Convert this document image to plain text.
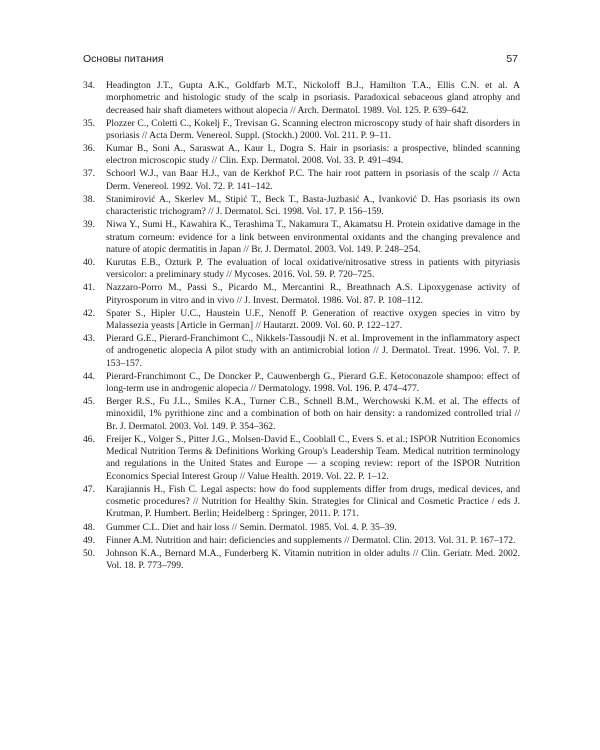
Основы питания	57
34. Headington J.T., Gupta A.K., Goldfarb M.T., Nickoloff B.J., Hamilton T.A., Ellis C.N. et al. A morphometric and histologic study of the scalp in psoriasis. Paradoxical sebaceous gland atrophy and decreased hair shaft diameters without alopecia // Arch. Dermatol. 1989. Vol. 125. P. 639–642.
35. Plozzer C., Coletti C., Kokelj F., Trevisan G. Scanning electron microscopy study of hair shaft disorders in psoriasis // Acta Derm. Venereol. Suppl. (Stockh.) 2000. Vol. 211. P. 9–11.
36. Kumar B., Soni A., Saraswat A., Kaur I., Dogra S. Hair in psoriasis: a prospective, blinded scanning electron microscopic study // Clin. Exp. Dermatol. 2008. Vol. 33. P. 491–494.
37. Schoorl W.J., van Baar H.J., van de Kerkhof P.C. The hair root pattern in psoriasis of the scalp // Acta Derm. Venereol. 1992. Vol. 72. P. 141–142.
38. Stanimirović A., Skerlev M., Stipić T., Beck T., Basta-Juzbasić A., Ivanković D. Has psoriasis its own characteristic trichogram? // J. Dermatol. Sci. 1998. Vol. 17. P. 156–159.
39. Niwa Y., Sumi H., Kawahira K., Terashima T., Nakamura T., Akamatsu H. Protein oxidative damage in the stratum corneum: evidence for a link between environmental oxidants and the changing prevalence and nature of atopic dermatitis in Japan // Br. J. Dermatol. 2003. Vol. 149. P. 248–254.
40. Kurutas E.B., Ozturk P. The evaluation of local oxidative/nitrosative stress in patients with pityriasis versicolor: a preliminary study // Mycoses. 2016. Vol. 59. P. 720–725.
41. Nazzaro-Porro M., Passi S., Picardo M., Mercantini R., Breathnach A.S. Lipoxygenase activity of Pityrosporum in vitro and in vivo // J. Invest. Dermatol. 1986. Vol. 87. P. 108–112.
42. Spater S., Hipler U.C., Haustein U.F., Nenoff P. Generation of reactive oxygen species in vitro by Malassezia yeasts [Article in German] // Hautarzt. 2009. Vol. 60. P. 122–127.
43. Pierard G.E., Pierard-Franchimont C., Nikkels-Tassoudji N. et al. Improvement in the inflammatory aspect of androgenetic alopecia A pilot study with an antimicrobial lotion // J. Dermatol. Treat. 1996. Vol. 7. P. 153–157.
44. Pierard-Franchimont C., De Doncker P., Cauwenbergh G., Pierard G.E. Ketoconazole shampoo: effect of long-term use in androgenic alopecia // Dermatology. 1998. Vol. 196. P. 474–477.
45. Berger R.S., Fu J.L., Smiles K.A., Turner C.B., Schnell B.M., Werchowski K.M. et al. The effects of minoxidil, 1% pyrithione zinc and a combination of both on hair density: a randomized controlled trial // Br. J. Dermatol. 2003. Vol. 149. P. 354–362.
46. Freijer K., Volger S., Pitter J.G., Molsen-David E., Cooblall C., Evers S. et al.; ISPOR Nutrition Economics Medical Nutrition Terms & Definitions Working Group's Leadership Team. Medical nutrition terminology and regulations in the United States and Europe — a scoping review: report of the ISPOR Nutrition Economics Special Interest Group // Value Health. 2019. Vol. 22. P. 1–12.
47. Karajiannis H., Fish C. Legal aspects: how do food supplements differ from drugs, medical devices, and cosmetic procedures? // Nutrition for Healthy Skin. Strategies for Clinical and Cosmetic Practice / eds J. Krutman, P. Humbert. Berlin; Heidelberg : Springer, 2011. P. 171.
48. Gummer C.L. Diet and hair loss // Semin. Dermatol. 1985. Vol. 4. P. 35–39.
49. Finner A.M. Nutrition and hair: deficiencies and supplements // Dermatol. Clin. 2013. Vol. 31. P. 167–172.
50. Johnson K.A., Bernard M.A., Funderberg K. Vitamin nutrition in older adults // Clin. Geriatr. Med. 2002. Vol. 18. P. 773–799.
